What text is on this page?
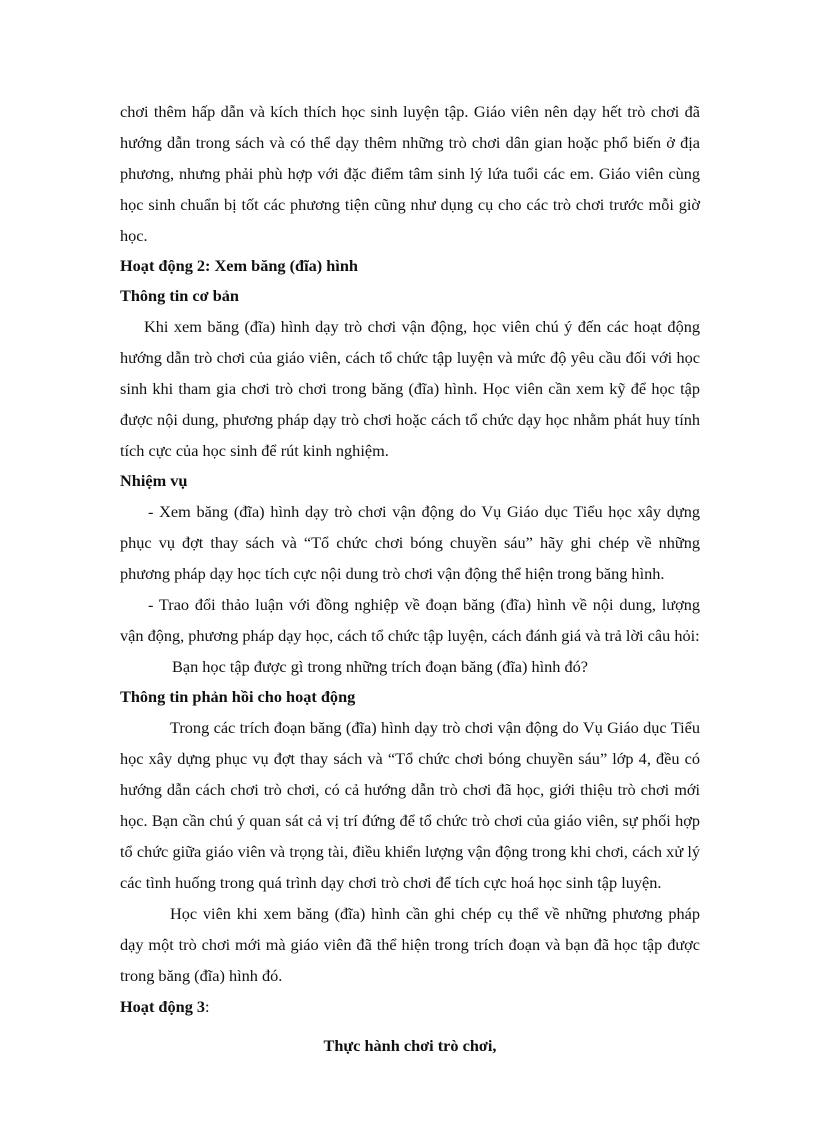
chơi thêm hấp dẫn và kích thích học sinh luyện tập. Giáo viên nên dạy hết trò chơi đã hướng dẫn trong sách và có thể dạy thêm những trò chơi dân gian hoặc phổ biến ở địa phương, nhưng phải phù hợp với đặc điểm tâm sinh lý lứa tuổi các em. Giáo viên cùng học sinh chuẩn bị tốt các phương tiện cũng như dụng cụ cho các trò chơi trước mỗi giờ học.

Hoạt động 2: Xem băng (đĩa) hình

Thông tin cơ bản

Khi xem băng (đĩa) hình dạy trò chơi vận động, học viên chú ý đến các hoạt động hướng dẫn trò chơi của giáo viên, cách tổ chức tập luyện và mức độ yêu cầu đối với học sinh khi tham gia chơi trò chơi trong băng (đĩa) hình. Học viên cần xem kỹ để học tập được nội dung, phương pháp dạy trò chơi hoặc cách tổ chức dạy học nhằm phát huy tính tích cực của học sinh để rút kinh nghiệm.

Nhiệm vụ

- Xem băng (đĩa) hình dạy trò chơi vận động do Vụ Giáo dục Tiểu học xây dựng phục vụ đợt thay sách và “Tổ chức chơi bóng chuyền sáu” hãy ghi chép về những phương pháp dạy học tích cực nội dung trò chơi vận động thể hiện trong băng hình.

- Trao đổi thảo luận với đồng nghiệp về đoạn băng (đĩa) hình về nội dung, lượng vận động, phương pháp dạy học, cách tổ chức tập luyện, cách đánh giá và trả lời câu hỏi:

Bạn học tập được gì trong những trích đoạn băng (đĩa) hình đó?

Thông tin phản hồi cho hoạt động

Trong các trích đoạn băng (đĩa) hình dạy trò chơi vận động do Vụ Giáo dục Tiểu học xây dựng phục vụ đợt thay sách và “Tổ chức chơi bóng chuyền sáu” lớp 4, đều có hướng dẫn cách chơi trò chơi, có cả hướng dẫn trò chơi đã học, giới thiệu trò chơi mới học. Bạn cần chú ý quan sát cả vị trí đứng để tổ chức trò chơi của giáo viên, sự phối hợp tổ chức giữa giáo viên và trọng tài, điều khiển lượng vận động trong khi chơi, cách xử lý các tình huống trong quá trình dạy chơi trò chơi để tích cực hoá học sinh tập luyện.

Học viên khi xem băng (đĩa) hình cần ghi chép cụ thể về những phương pháp dạy một trò chơi mới mà giáo viên đã thể hiện trong trích đoạn và bạn đã học tập được trong băng (đĩa) hình đó.

Hoạt động 3:

Thực hành chơi trò chơi,
